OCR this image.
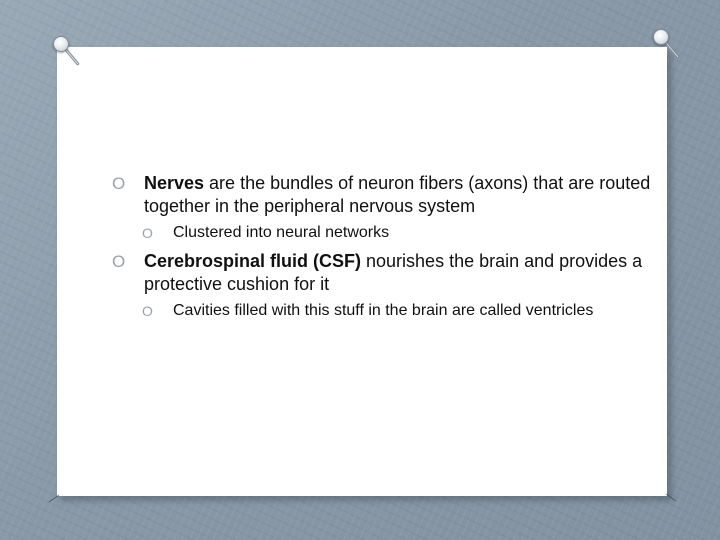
O	Nerves are the bundles of neuron fibers (axons) that are routed together in the peripheral nervous system
O	Clustered into neural networks
O	Cerebrospinal fluid (CSF) nourishes the brain and provides a protective cushion for it
O	Cavities filled with this stuff in the brain are called ventricles
